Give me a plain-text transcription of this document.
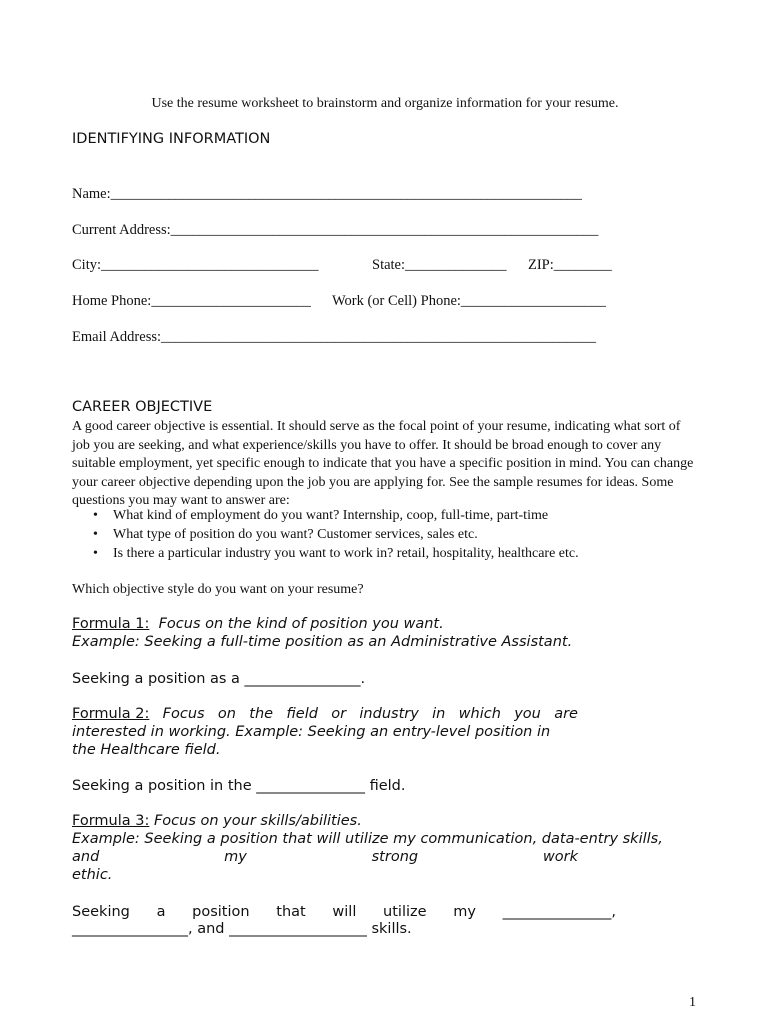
Use the resume worksheet to brainstorm and organize information for your resume.
IDENTIFYING INFORMATION
Name:_________________________________________________________________
Current Address:___________________________________________________________
City:______________________________	State:______________ ZIP:________
Home Phone:______________________ Work (or Cell) Phone:____________________
Email Address:____________________________________________________________
CAREER OBJECTIVE
A good career objective is essential. It should serve as the focal point of your resume, indicating what sort of job you are seeking, and what experience/skills you have to offer. It should be broad enough to cover any suitable employment, yet specific enough to indicate that you have a specific position in mind. You can change your career objective depending upon the job you are applying for. See the sample resumes for ideas. Some questions you may want to answer are:
• What kind of employment do you want? Internship, coop, full-time, part-time
• What type of position do you want? Customer services, sales etc.
• Is there a particular industry you want to work in? retail, hospitality, healthcare etc.
Which objective style do you want on your resume?
Formula 1:  Focus on the kind of position you want.
Example: Seeking a full-time position as an Administrative Assistant.
Seeking a position as a ________________.
Formula 2: Focus on the field or industry in which you are
interested in working. Example: Seeking an entry-level position in
the Healthcare field.
Seeking a position in the _______________ field.
Formula 3: Focus on your skills/abilities.
Example: Seeking a position that will utilize my communication, data-entry skills,
and	my	strong	work
ethic.
Seeking a position that will utilize my _______________,
________________, and ___________________ skills.
1
